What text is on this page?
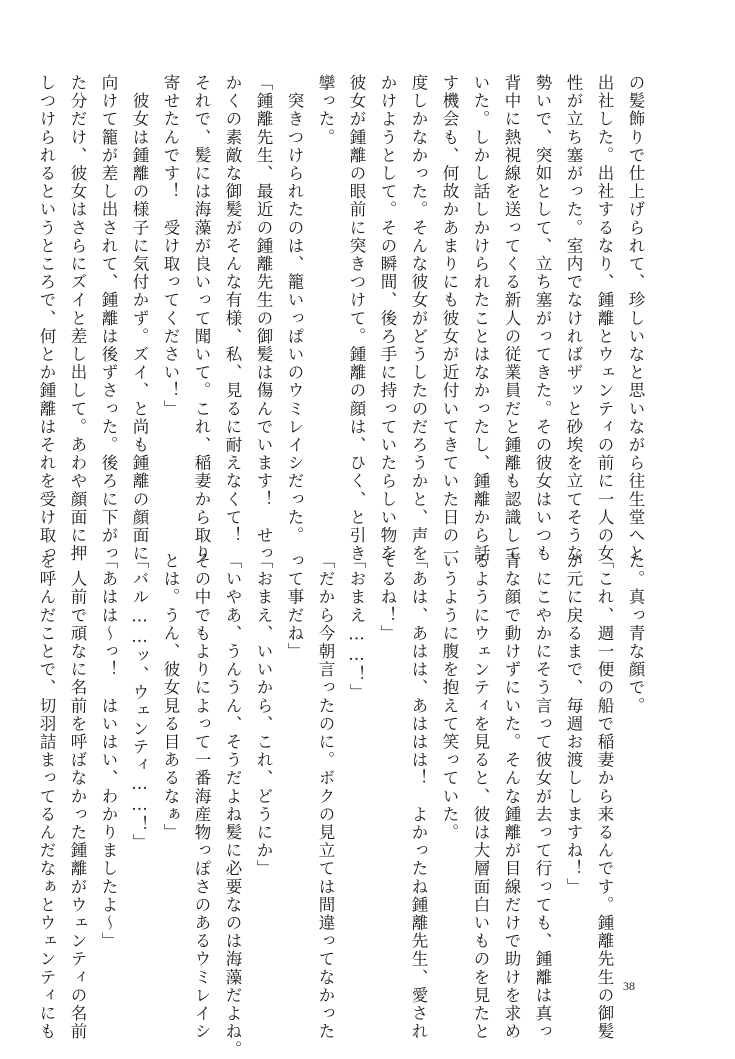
の髪飾りで仕上げられて、珍しいなと思いながら往生堂へと
出社した。出社するなり、鍾離とウェンティの前に一人の女
性が立ち塞がった。室内でなければザッと砂埃を立てそうな
勢いで、突如として、立ち塞がってきた。その彼女はいつも
背中に熱視線を送ってくる新人の従業員だと鍾離も認識して
いた。しかし話しかけられたことはなかったし、鍾離から話
す機会も、何故かあまりにも彼女が近付いてきていた日の一
度しかなかった。そんな彼女がどうしたのだろうかと、声を
かけようとして。その瞬間、後ろ手に持っていたらしい物を
彼女が鍾離の眼前に突きつけて。鍾離の顔は、ひく、と引き
攣った。
　突きつけられたのは、籠いっぱいのウミレイシだった。
「鍾離先生、最近の鍾離先生の御髪は傷んでいます！　せっ
かくの素敵な御髪がそんな有様、私、見るに耐えなくて！
それで、髪には海藻が良いって聞いて。これ、稲妻から取り
寄せたんです！　受け取ってください！」
　彼女は鍾離の様子に気付かず。ズイ、と尚も鍾離の顔面に
向けて籠が差し出されて、鍾離は後ずさった。後ろに下がっ
た分だけ、彼女はさらにズイと差し出して。あわや顔面に押
しつけられるというところで、何とか鍾離はそれを受け取っ
た。真っ青な顔で。
「これ、週一便の船で稲妻から来るんです。鍾離先生の御髪
が元に戻るまで、毎週お渡ししますね！」
　にこやかにそう言って彼女が去って行っても、鍾離は真っ
青な顔で動けずにいた。そんな鍾離が目線だけで助けを求め
るようにウェンティを見ると、彼は大層面白いものを見たと
いうように腹を抱えて笑っていた。
「あは、あはは、あははは！　よかったね鍾離先生、愛され
てるね！」
「おまえ……！」
「だから今朝言ったのに。ボクの見立ては間違ってなかった
って事だね」
「おまえ、いいから、これ、どうにか」
「いやあ、うんうん、そうだよね髪に必要なのは海藻だよね。
その中でもよりによって一番海産物っぽさのあるウミレイシ
とは。うん、彼女見る目あるなぁ」
「バル……ッ、ウェンティ……！」
「あはは～っ！　はいはい、わかりましたよ～」
　人前で頑なに名前を呼ばなかった鍾離がウェンティの名前
を呼んだことで、切羽詰まってるんだなぁとウェンティにも	38
